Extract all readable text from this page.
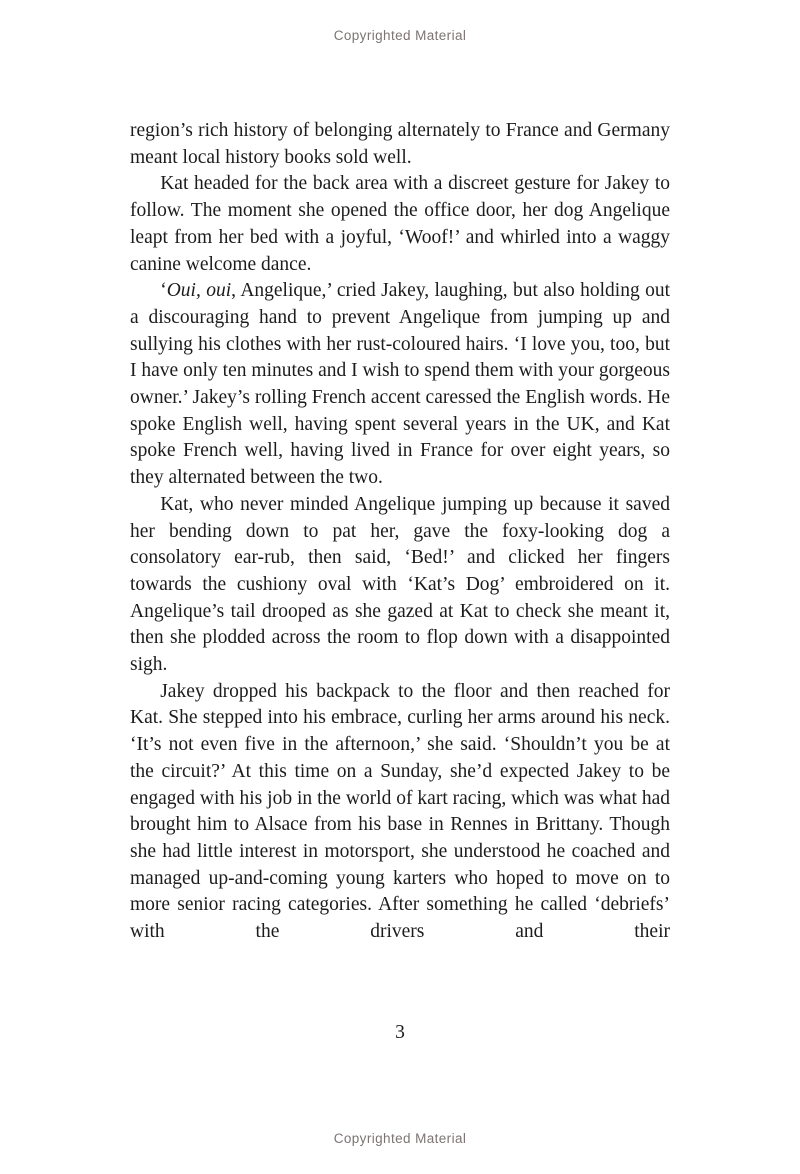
Copyrighted Material

region’s rich history of belonging alternately to France and Germany meant local history books sold well.

Kat headed for the back area with a discreet gesture for Jakey to follow. The moment she opened the office door, her dog Angelique leapt from her bed with a joyful, ‘Woof!’ and whirled into a waggy canine welcome dance.

‘Oui, oui, Angelique,’ cried Jakey, laughing, but also holding out a discouraging hand to prevent Angelique from jumping up and sullying his clothes with her rust-coloured hairs. ‘I love you, too, but I have only ten minutes and I wish to spend them with your gorgeous owner.’ Jakey’s rolling French accent caressed the English words. He spoke English well, having spent several years in the UK, and Kat spoke French well, having lived in France for over eight years, so they alternated between the two.

Kat, who never minded Angelique jumping up because it saved her bending down to pat her, gave the foxy-looking dog a consolatory ear-rub, then said, ‘Bed!’ and clicked her fingers towards the cushiony oval with ‘Kat’s Dog’ embroidered on it. Angelique’s tail drooped as she gazed at Kat to check she meant it, then she plodded across the room to flop down with a disappointed sigh.

Jakey dropped his backpack to the floor and then reached for Kat. She stepped into his embrace, curling her arms around his neck. ‘It’s not even five in the afternoon,’ she said. ‘Shouldn’t you be at the circuit?’ At this time on a Sunday, she’d expected Jakey to be engaged with his job in the world of kart racing, which was what had brought him to Alsace from his base in Rennes in Brittany. Though she had little interest in motorsport, she understood he coached and managed up-and-coming young karters who hoped to move on to more senior racing categories. After something he called ‘debriefs’ with the drivers and their

3
Copyrighted Material
